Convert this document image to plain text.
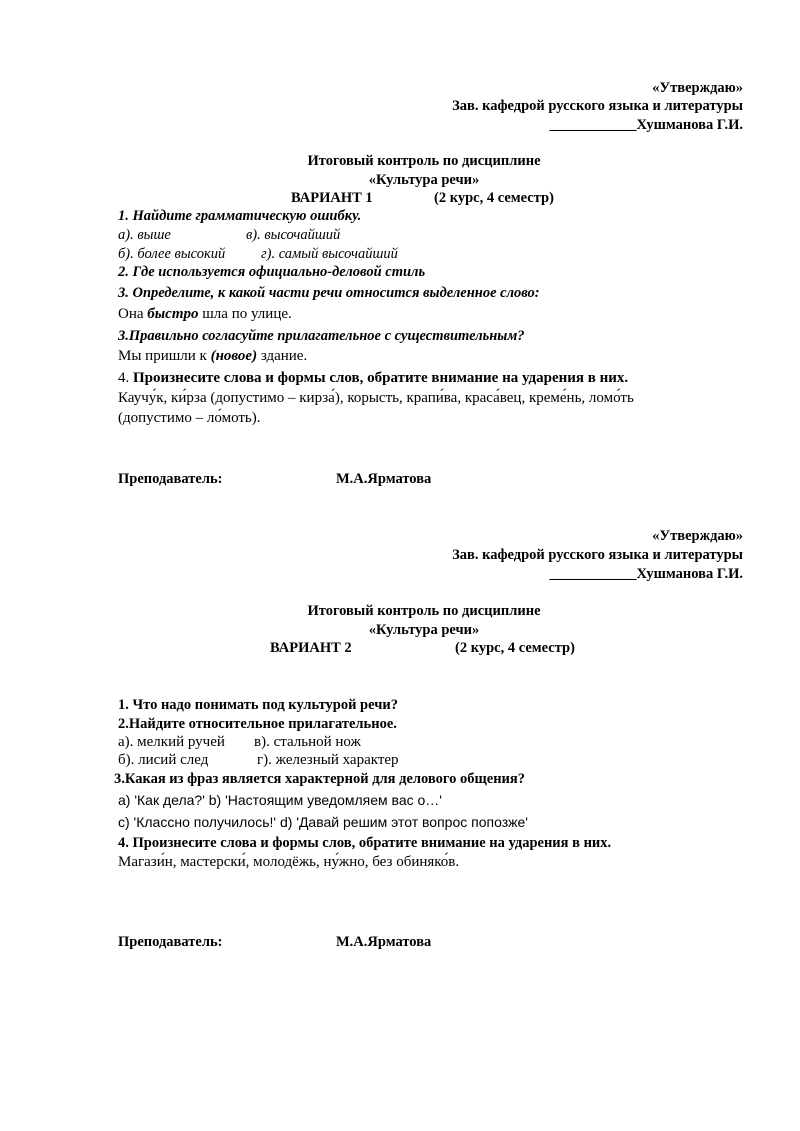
«Утверждаю»
Зав. кафедрой русского языка и литературы
____________Хушманова Г.И.
Итоговый контроль по дисциплине
«Культура речи»
ВАРИАНТ 1	(2 курс, 4 семестр)
1. Найдите грамматическую ошибку.
а). выше	в). высочайший
б). более высокий г). самый высочайший
2. Где используется официально-деловой стиль
3. Определите, к какой части речи относится выделенное слово:
Она быстро шла по улице.
3.Правильно согласуйте прилагательное с существительным?
Мы пришли к (новое) здание.
4. Произнесите слова и формы слов, обратите внимание на ударения в них.
Каучу́к, ки́рза (допустимо – кирза́), корысть, крапи́ва, краса́вец, креме́нь, ломо́ть
(допустимо – ло́моть).
Преподаватель:	М.А.Ярматова
«Утверждаю»
Зав. кафедрой русского языка и литературы
____________Хушманова Г.И.
Итоговый контроль по дисциплине
«Культура речи»
ВАРИАНТ 2	(2 курс, 4 семестр)
1. Что надо понимать под культурой речи?
2.Найдите относительное прилагательное.
а). мелкий ручей в). стальной нож
б). лисий след	г). железный характер
3.Какая из фраз является характерной для делового общения?
a) 'Как дела?' b) 'Настоящим уведомляем вас о…'
c) 'Классно получилось!' d) 'Давай решим этот вопрос попозже'
4. Произнесите слова и формы слов, обратите внимание на ударения в них.
Магази́н, мастерски́, молодёжь, ну́жно, без обиняко́в.
Преподаватель:	М.А.Ярматова
